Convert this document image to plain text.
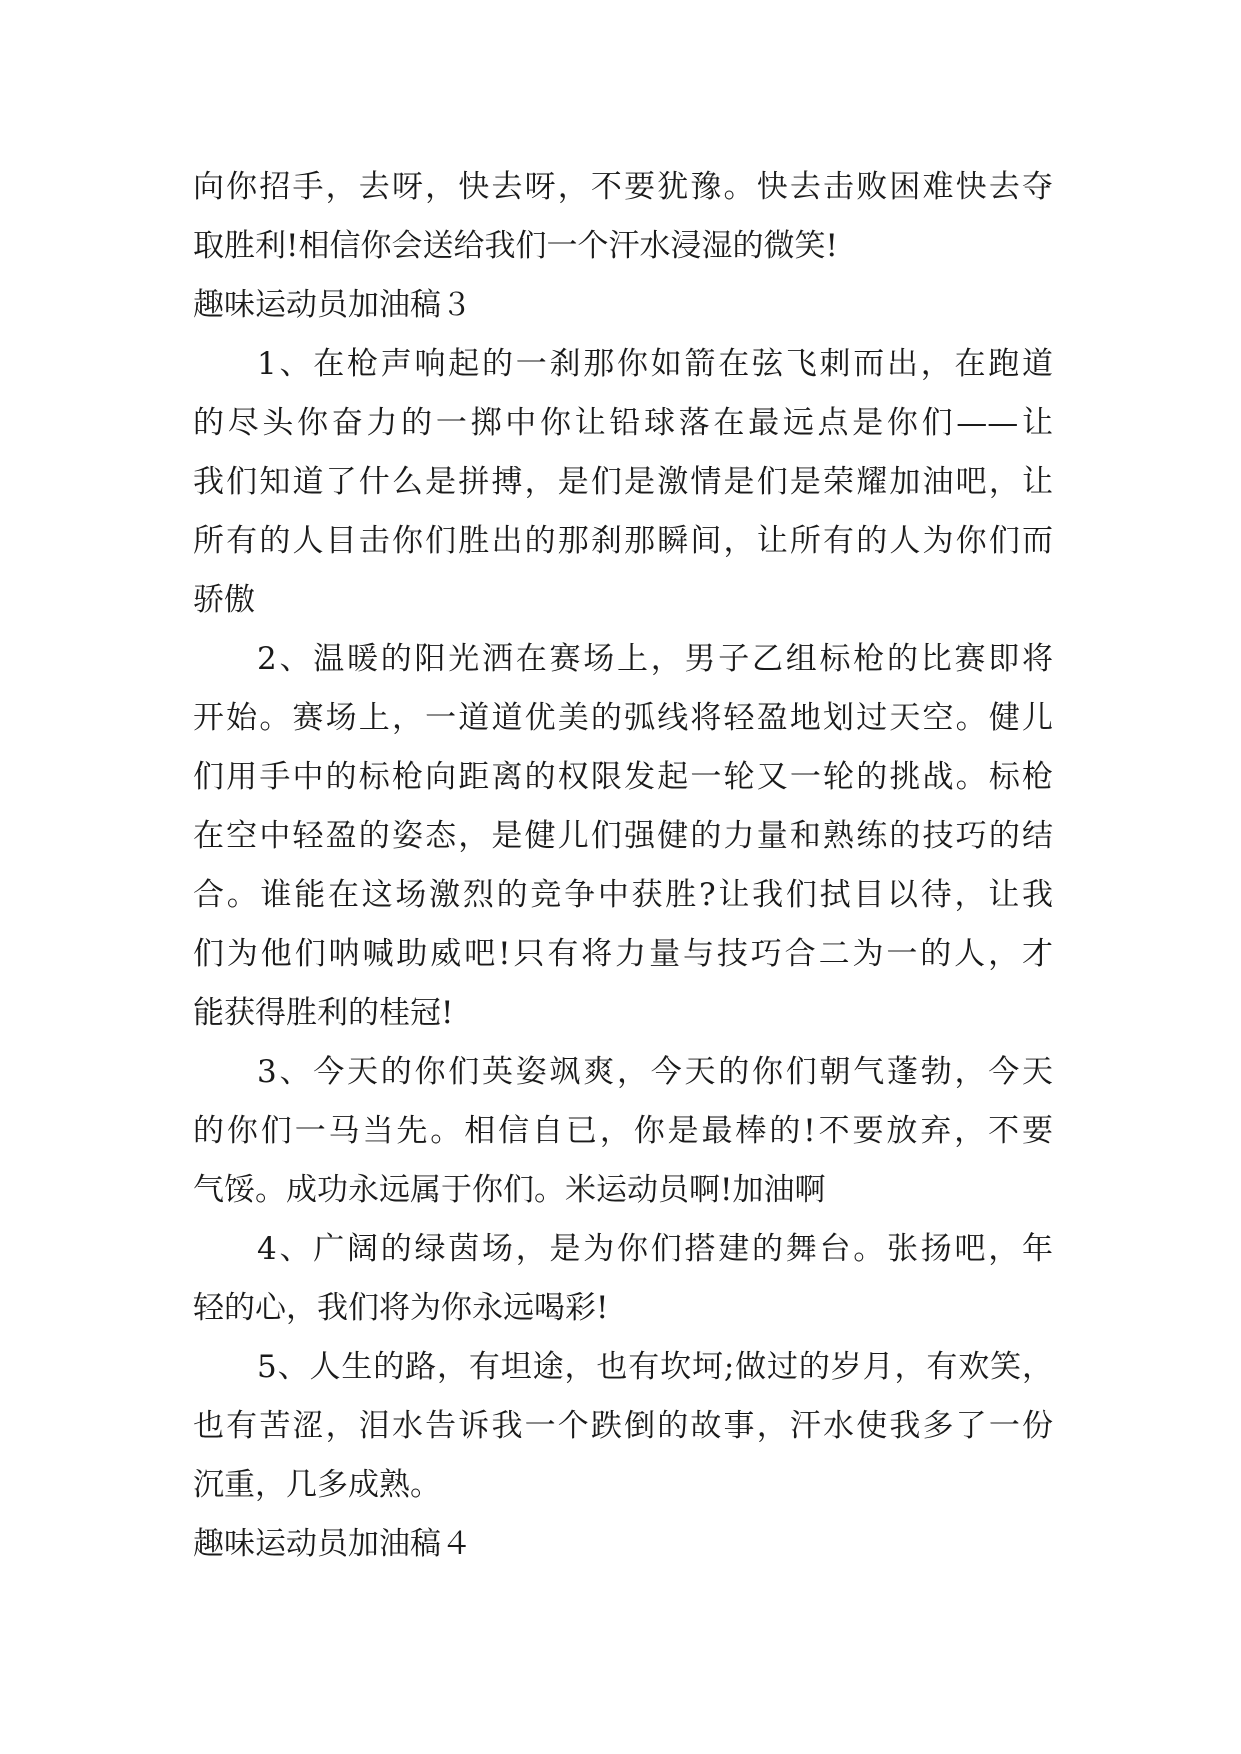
向你招手，去呀，快去呀，不要犹豫。快去击败困难快去夺
取胜利!相信你会送给我们一个汗水浸湿的微笑!
趣味运动员加油稿３
1、在枪声响起的一刹那你如箭在弦飞刺而出，在跑道
的尽头你奋力的一掷中你让铅球落在最远点是你们——让
我们知道了什么是拼搏，是们是激情是们是荣耀加油吧，让
所有的人目击你们胜出的那刹那瞬间，让所有的人为你们而
骄傲
2、温暖的阳光洒在赛场上，男子乙组标枪的比赛即将
开始。赛场上，一道道优美的弧线将轻盈地划过天空。健儿
们用手中的标枪向距离的权限发起一轮又一轮的挑战。标枪
在空中轻盈的姿态，是健儿们强健的力量和熟练的技巧的结
合。谁能在这场激烈的竞争中获胜?让我们拭目以待，让我
们为他们呐喊助威吧!只有将力量与技巧合二为一的人，才
能获得胜利的桂冠!
3、今天的你们英姿飒爽，今天的你们朝气蓬勃，今天
的你们一马当先。相信自已，你是最棒的!不要放弃，不要
气馁。成功永远属于你们。米运动员啊!加油啊
4、广阔的绿茵场，是为你们搭建的舞台。张扬吧，年
轻的心，我们将为你永远喝彩!
5、人生的路，有坦途，也有坎坷;做过的岁月，有欢笑，
也有苦涩，泪水告诉我一个跌倒的故事，汗水使我多了一份
沉重，几多成熟。
趣味运动员加油稿４
